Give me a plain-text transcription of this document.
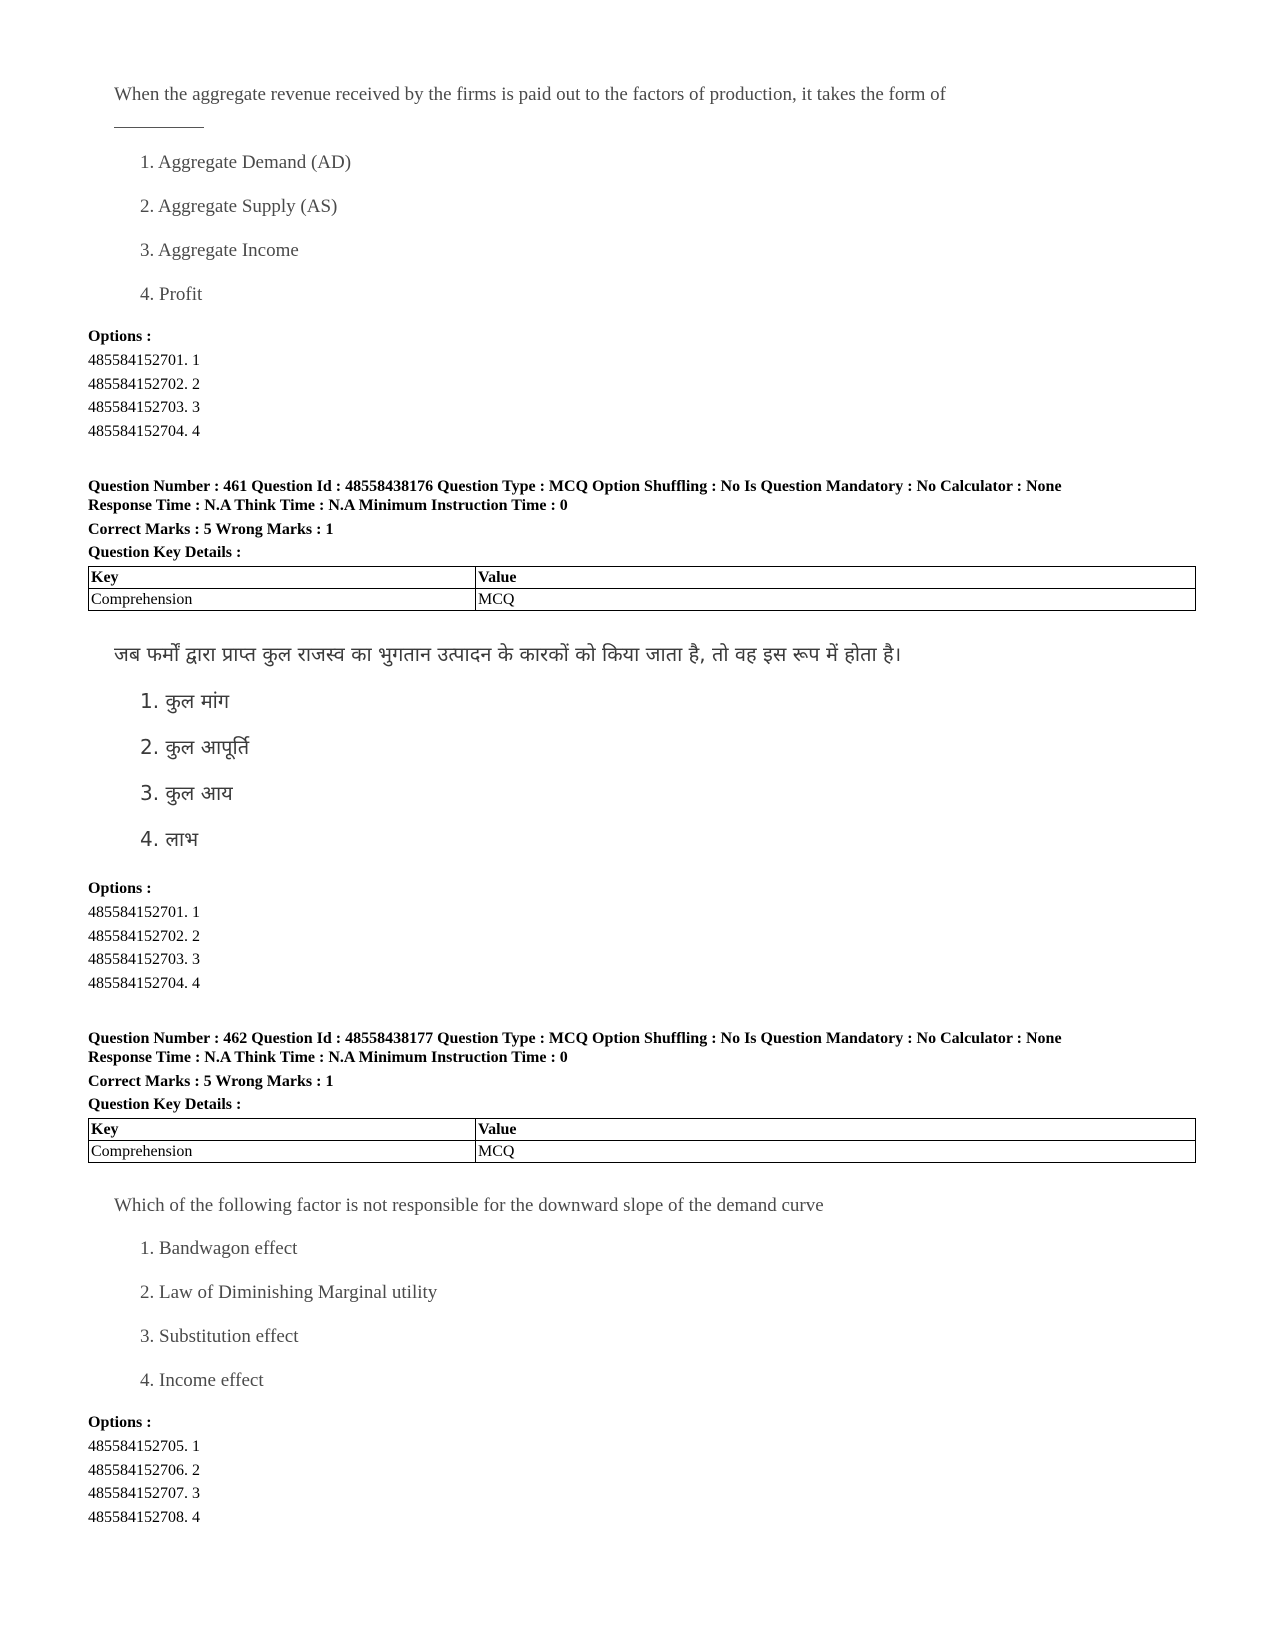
When the aggregate revenue received by the firms is paid out to the factors of production, it takes the form of
1. Aggregate Demand (AD)
2. Aggregate Supply (AS)
3. Aggregate Income
4. Profit
Options :
485584152701. 1
485584152702. 2
485584152703. 3
485584152704. 4
Question Number : 461 Question Id : 48558438176 Question Type : MCQ Option Shuffling : No Is Question Mandatory : No Calculator : None
Response Time : N.A Think Time : N.A Minimum Instruction Time : 0
Correct Marks : 5 Wrong Marks : 1
Question Key Details :
Key	Value
Comprehension	MCQ
जब फर्मों द्वारा प्राप्त कुल राजस्व का भुगतान उत्पादन के कारकों को किया जाता है, तो वह इस रूप में होता है।
1. कुल मांग
2. कुल आपूर्ति
3. कुल आय
4. लाभ
Options :
485584152701. 1
485584152702. 2
485584152703. 3
485584152704. 4
Question Number : 462 Question Id : 48558438177 Question Type : MCQ Option Shuffling : No Is Question Mandatory : No Calculator : None
Response Time : N.A Think Time : N.A Minimum Instruction Time : 0
Correct Marks : 5 Wrong Marks : 1
Question Key Details :
Key	Value
Comprehension	MCQ
Which of the following factor is not responsible for the downward slope of the demand curve
1. Bandwagon effect
2. Law of Diminishing Marginal utility
3. Substitution effect
4. Income effect
Options :
485584152705. 1
485584152706. 2
485584152707. 3
485584152708. 4
